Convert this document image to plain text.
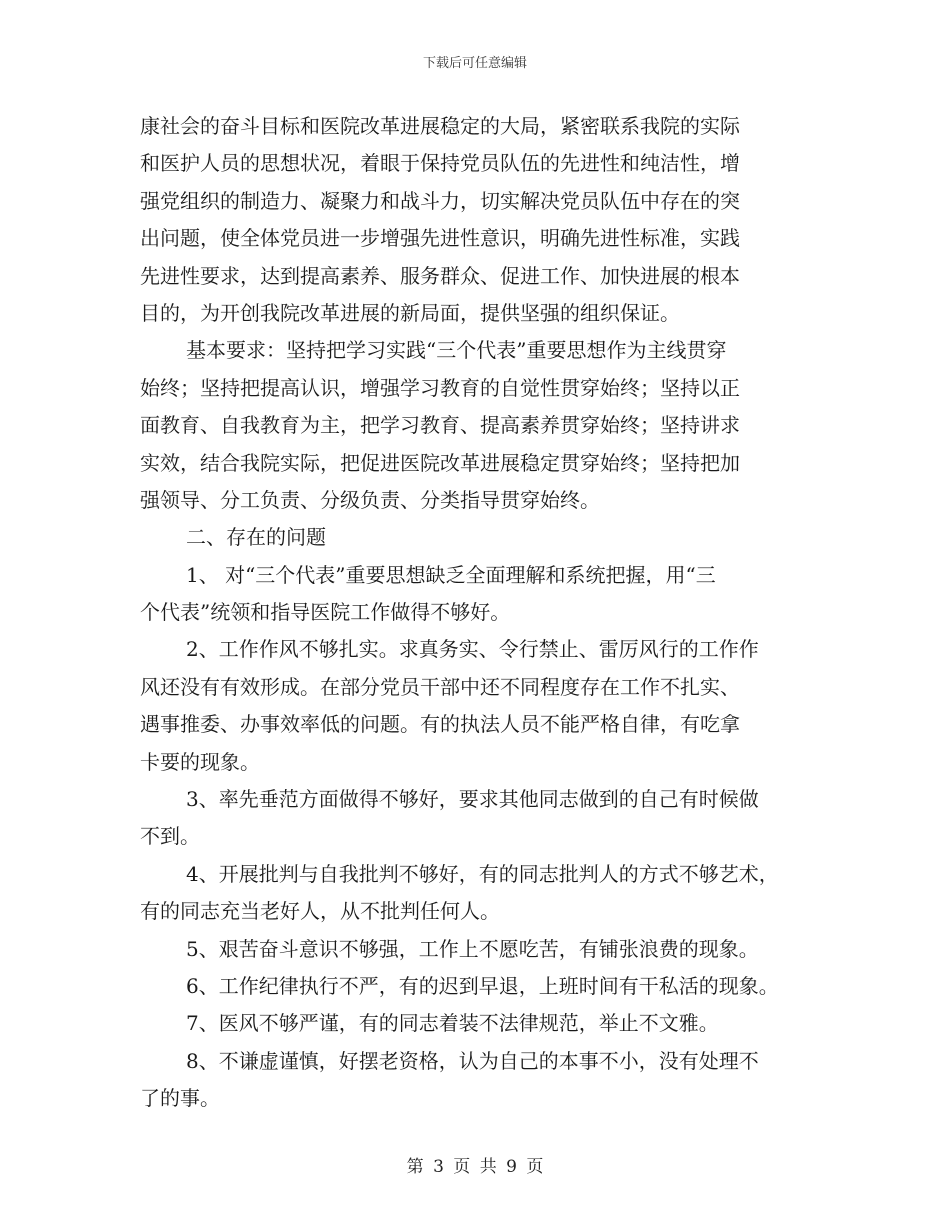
下载后可任意编辑
康社会的奋斗目标和医院改革进展稳定的大局，紧密联系我院的实际
和医护人员的思想状况，着眼于保持党员队伍的先进性和纯洁性，增
强党组织的制造力、凝聚力和战斗力，切实解决党员队伍中存在的突
出问题，使全体党员进一步增强先进性意识，明确先进性标准，实践
先进性要求，达到提高素养、服务群众、促进工作、加快进展的根本
目的，为开创我院改革进展的新局面，提供坚强的组织保证。
基本要求：坚持把学习实践“三个代表”重要思想作为主线贯穿
始终；坚持把提高认识，增强学习教育的自觉性贯穿始终；坚持以正
面教育、自我教育为主，把学习教育、提高素养贯穿始终；坚持讲求
实效，结合我院实际，把促进医院改革进展稳定贯穿始终；坚持把加
强领导、分工负责、分级负责、分类指导贯穿始终。
二、存在的问题
1、 对“三个代表”重要思想缺乏全面理解和系统把握，用“三
个代表”统领和指导医院工作做得不够好。
2、工作作风不够扎实。求真务实、令行禁止、雷厉风行的工作作
风还没有有效形成。在部分党员干部中还不同程度存在工作不扎实、
遇事推委、办事效率低的问题。有的执法人员不能严格自律，有吃拿
卡要的现象。
3、率先垂范方面做得不够好，要求其他同志做到的自己有时候做
不到。
4、开展批判与自我批判不够好，有的同志批判人的方式不够艺术，
有的同志充当老好人，从不批判任何人。
5、艰苦奋斗意识不够强，工作上不愿吃苦，有铺张浪费的现象。
6、工作纪律执行不严，有的迟到早退，上班时间有干私活的现象。
7、医风不够严谨，有的同志着装不法律规范，举止不文雅。
8、不谦虚谨慎，好摆老资格，认为自己的本事不小，没有处理不
了的事。
第 3 页 共 9 页
